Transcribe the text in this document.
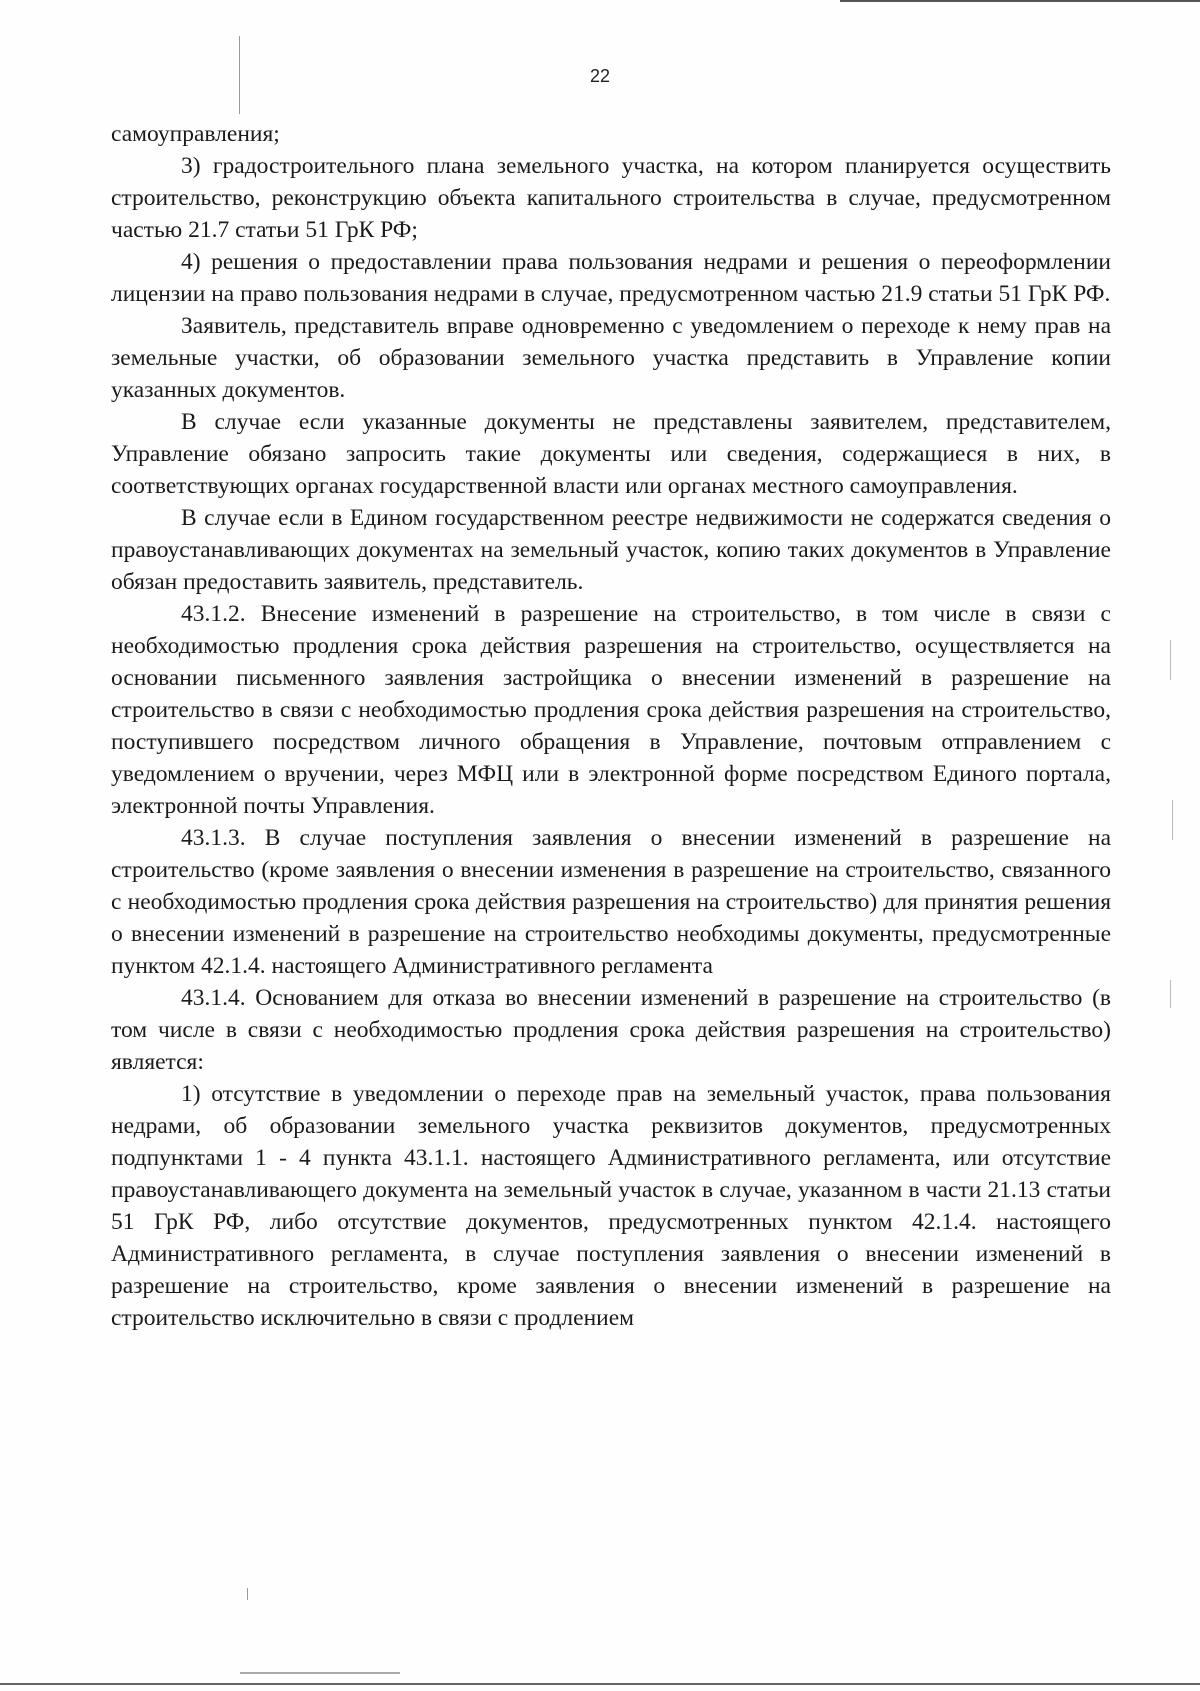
22

самоуправления;

3) градостроительного плана земельного участка, на котором планируется осуществить строительство, реконструкцию объекта капитального строительства в случае, предусмотренном частью 21.7 статьи 51 ГрК РФ;

4) решения о предоставлении права пользования недрами и решения о переоформлении лицензии на право пользования недрами в случае, предусмотренном частью 21.9 статьи 51 ГрК РФ.

Заявитель, представитель вправе одновременно с уведомлением о переходе к нему прав на земельные участки, об образовании земельного участка представить в Управление копии указанных документов.

В случае если указанные документы не представлены заявителем, представителем, Управление обязано запросить такие документы или сведения, содержащиеся в них, в соответствующих органах государственной власти или органах местного самоуправления.

В случае если в Едином государственном реестре недвижимости не содержатся сведения о правоустанавливающих документах на земельный участок, копию таких документов в Управление обязан предоставить заявитель, представитель.

43.1.2. Внесение изменений в разрешение на строительство, в том числе в связи с необходимостью продления срока действия разрешения на строительство, осуществляется на основании письменного заявления застройщика о внесении изменений в разрешение на строительство в связи с необходимостью продления срока действия разрешения на строительство, поступившего посредством личного обращения в Управление, почтовым отправлением с уведомлением о вручении, через МФЦ или в электронной форме посредством Единого портала, электронной почты Управления.

43.1.3. В случае поступления заявления о внесении изменений в разрешение на строительство (кроме заявления о внесении изменения в разрешение на строительство, связанного с необходимостью продления срока действия разрешения на строительство) для принятия решения о внесении изменений в разрешение на строительство необходимы документы, предусмотренные пунктом 42.1.4. настоящего Административного регламента

43.1.4. Основанием для отказа во внесении изменений в разрешение на строительство (в том числе в связи с необходимостью продления срока действия разрешения на строительство) является:

1) отсутствие в уведомлении о переходе прав на земельный участок, права пользования недрами, об образовании земельного участка реквизитов документов, предусмотренных подпунктами 1 - 4 пункта 43.1.1. настоящего Административного регламента, или отсутствие правоустанавливающего документа на земельный участок в случае, указанном в части 21.13 статьи 51 ГрК РФ, либо отсутствие документов, предусмотренных пунктом 42.1.4. настоящего Административного регламента, в случае поступления заявления о внесении изменений в разрешение на строительство, кроме заявления о внесении изменений в разрешение на строительство исключительно в связи с продлением
